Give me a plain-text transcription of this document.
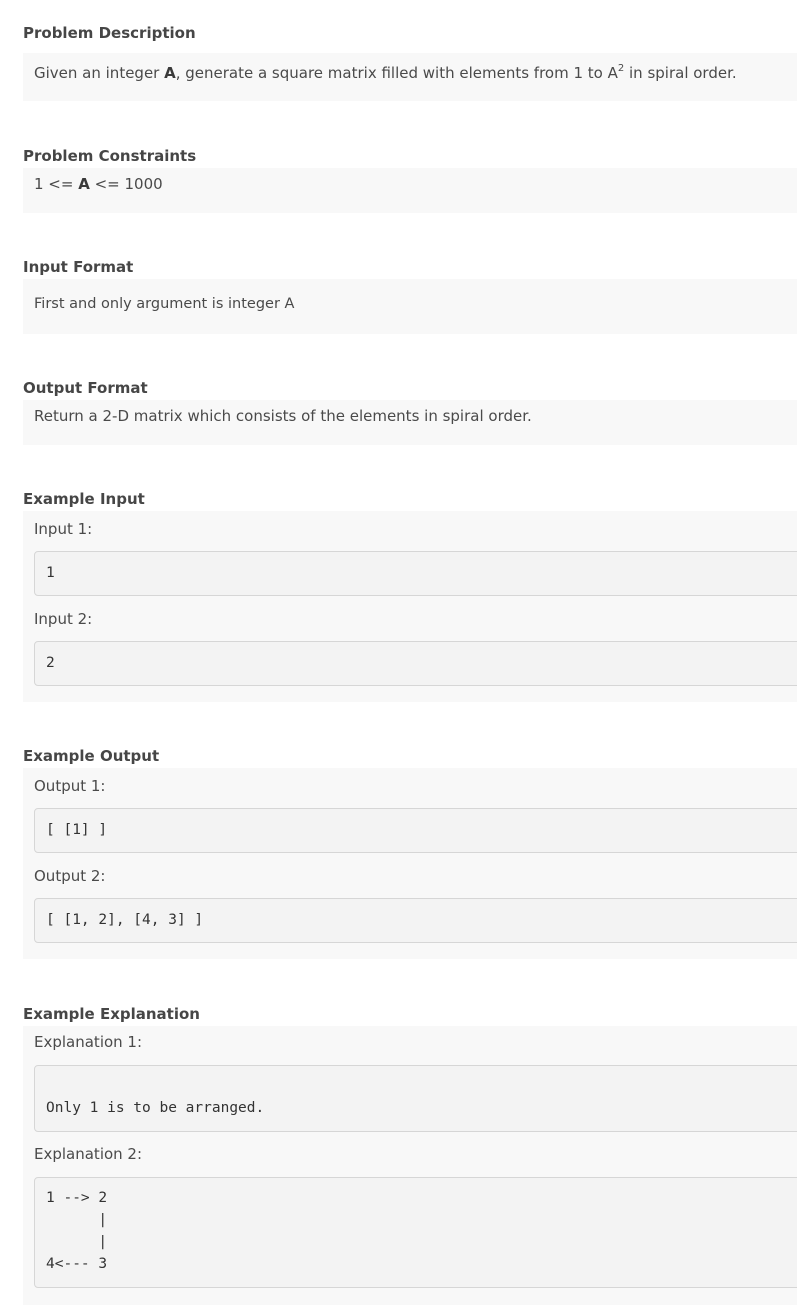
Problem Description
Given an integer A, generate a square matrix filled with elements from 1 to $A^2$ in spiral order.
Problem Constraints
1 <= A <= 1000
Input Format
First and only argument is integer A
Output Format
Return a 2-D matrix which consists of the elements in spiral order.
Example Input
Input 1:
1
Input 2:
2
Example Output
Output 1:
[ [1] ]
Output 2:
[ [1, 2], [4, 3] ]
Example Explanation
Explanation 1:
Only 1 is to be arranged.
Explanation 2:
1 --> 2
|
|
4<--- 3
